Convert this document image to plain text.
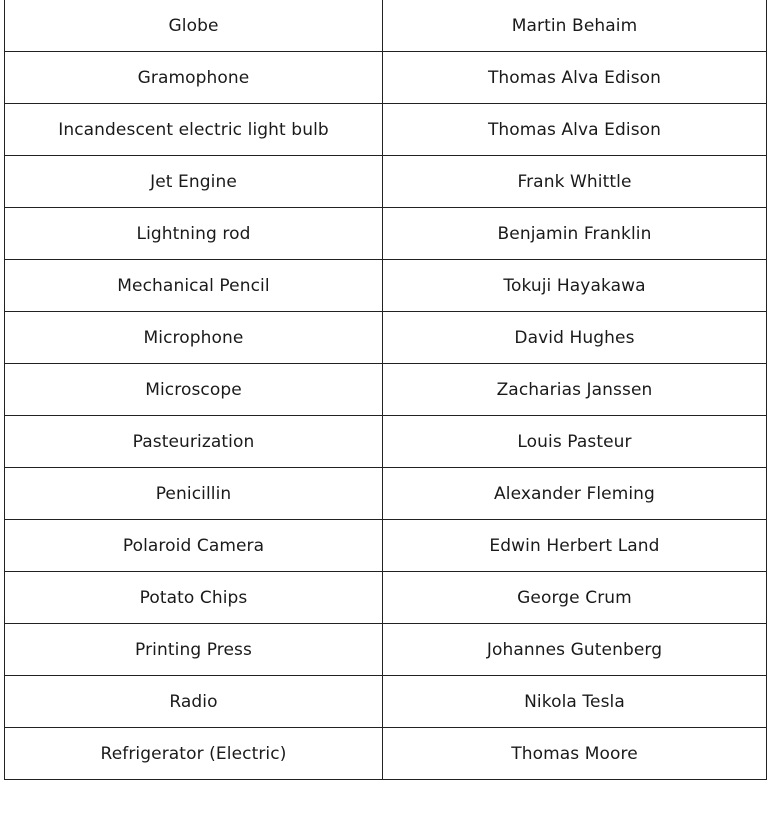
Globe	Martin Behaim
Gramophone	Thomas Alva Edison
Incandescent electric light bulb	Thomas Alva Edison
Jet Engine	Frank Whittle
Lightning rod	Benjamin Franklin
Mechanical Pencil	Tokuji Hayakawa
Microphone	David Hughes
Microscope	Zacharias Janssen
Pasteurization	Louis Pasteur
Penicillin	Alexander Fleming
Polaroid Camera	Edwin Herbert Land
Potato Chips	George Crum
Printing Press	Johannes Gutenberg
Radio	Nikola Tesla
Refrigerator (Electric)	Thomas Moore
